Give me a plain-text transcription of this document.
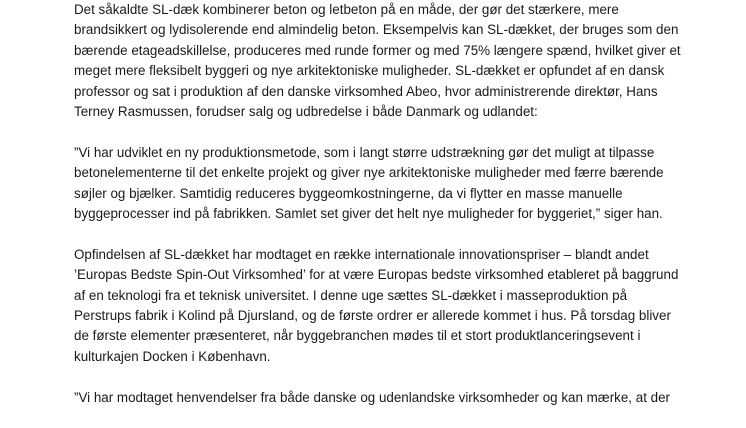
Det såkaldte SL-dæk kombinerer beton og letbeton på en måde, der gør det stærkere, mere
brandsikkert og lydisolerende end almindelig beton. Eksempelvis kan SL-dækket, der bruges som den
bærende etageadskillelse, produceres med runde former og med 75% længere spænd, hvilket giver et
meget mere fleksibelt byggeri og nye arkitektoniske muligheder. SL-dækket er opfundet af en dansk
professor og sat i produktion af den danske virksomhed Abeo, hvor administrerende direktør, Hans
Terney Rasmussen, forudser salg og udbredelse i både Danmark og udlandet:

”Vi har udviklet en ny produktionsmetode, som i langt større udstrækning gør det muligt at tilpasse
betonelementerne til det enkelte projekt og giver nye arkitektoniske muligheder med færre bærende
søjler og bjælker. Samtidig reduceres byggeomkostningerne, da vi flytter en masse manuelle
byggeprocesser ind på fabrikken. Samlet set giver det helt nye muligheder for byggeriet,” siger han.

Opfindelsen af SL-dækket har modtaget en række internationale innovationspriser – blandt andet
’Europas Bedste Spin-Out Virksomhed’ for at være Europas bedste virksomhed etableret på baggrund
af en teknologi fra et teknisk universitet. I denne uge sættes SL-dækket i masseproduktion på
Perstrups fabrik i Kolind på Djursland, og de første ordrer er allerede kommet i hus. På torsdag bliver
de første elementer præsenteret, når byggebranchen mødes til et stort produktlanceringsevent i
kulturkajen Docken i København.

”Vi har modtaget henvendelser fra både danske og udenlandske virksomheder og kan mærke, at der
